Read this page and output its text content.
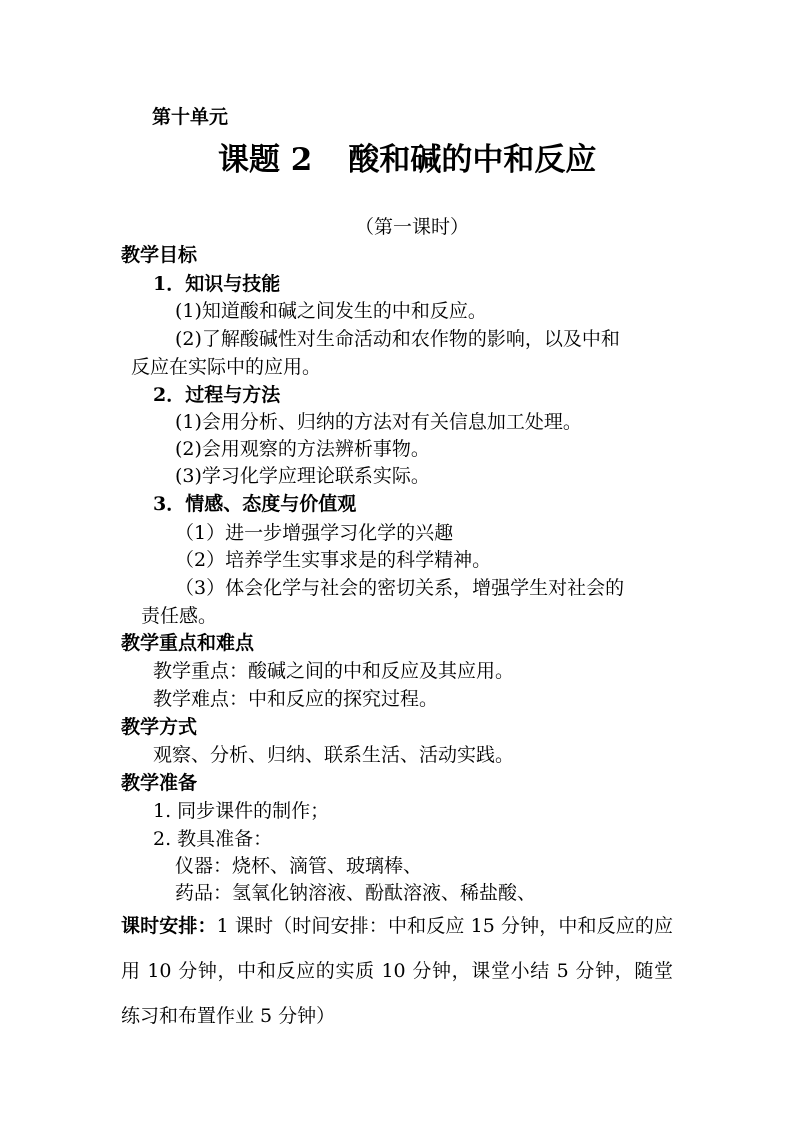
第十单元
课题 2 酸和碱的中和反应
（第一课时）
教学目标
1．知识与技能
(1)知道酸和碱之间发生的中和反应。
(2)了解酸碱性对生命活动和农作物的影响，以及中和
反应在实际中的应用。
2．过程与方法
(1)会用分析、归纳的方法对有关信息加工处理。
(2)会用观察的方法辨析事物。
(3)学习化学应理论联系实际。
3．情感、态度与价值观
（1）进一步增强学习化学的兴趣
（2）培养学生实事求是的科学精神。
（3）体会化学与社会的密切关系，增强学生对社会的
责任感。
教学重点和难点
教学重点：酸碱之间的中和反应及其应用。
教学难点：中和反应的探究过程。
教学方式
观察、分析、归纳、联系生活、活动实践。
教学准备
1. 同步课件的制作；
2. 教具准备：
仪器：烧杯、滴管、玻璃棒、
药品：氢氧化钠溶液、酚酞溶液、稀盐酸、
课时安排：1 课时（时间安排：中和反应 15 分钟，中和反应的应用 10 分钟，中和反应的实质 10 分钟，课堂小结 5 分钟，随堂练习和布置作业 5 分钟）
